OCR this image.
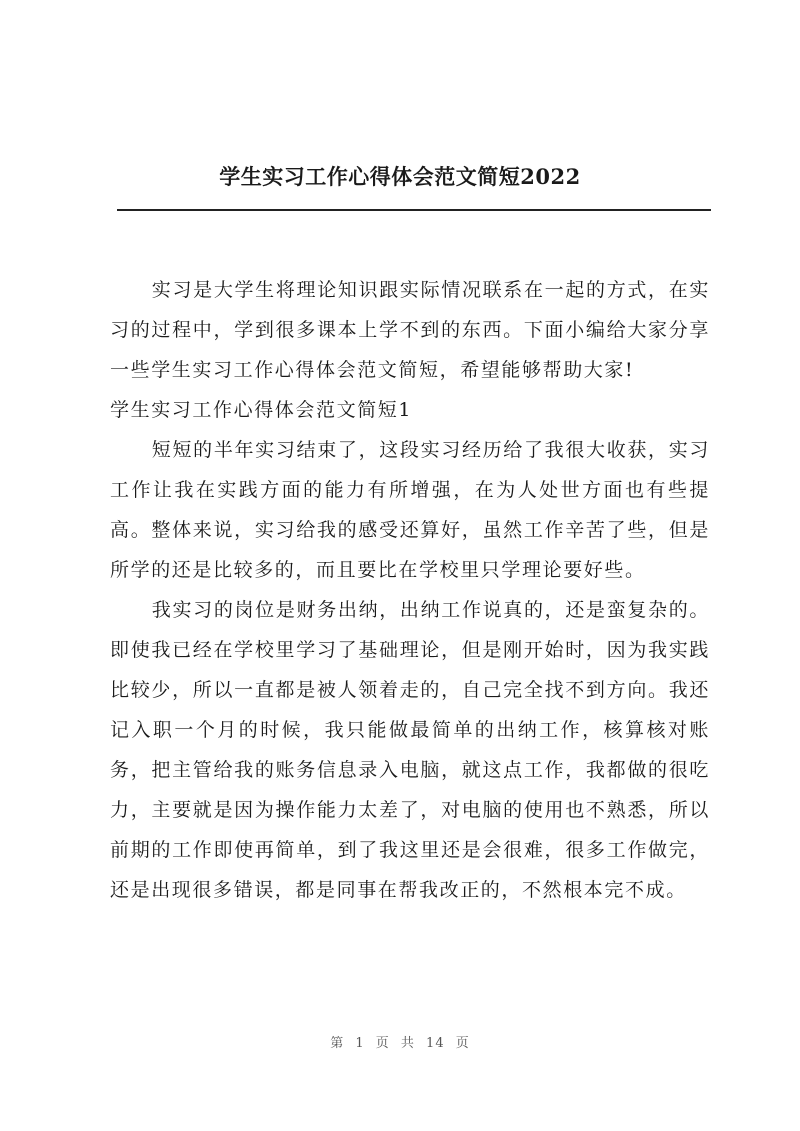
学生实习工作心得体会范文简短2022

实习是大学生将理论知识跟实际情况联系在一起的方式，在实习的过程中，学到很多课本上学不到的东西。下面小编给大家分享一些学生实习工作心得体会范文简短，希望能够帮助大家!

学生实习工作心得体会范文简短1

短短的半年实习结束了，这段实习经历给了我很大收获，实习工作让我在实践方面的能力有所增强，在为人处世方面也有些提高。整体来说，实习给我的感受还算好，虽然工作辛苦了些，但是所学的还是比较多的，而且要比在学校里只学理论要好些。

我实习的岗位是财务出纳，出纳工作说真的，还是蛮复杂的。即使我已经在学校里学习了基础理论，但是刚开始时，因为我实践比较少，所以一直都是被人领着走的，自己完全找不到方向。我还记入职一个月的时候，我只能做最简单的出纳工作，核算核对账务，把主管给我的账务信息录入电脑，就这点工作，我都做的很吃力，主要就是因为操作能力太差了，对电脑的使用也不熟悉，所以前期的工作即使再简单，到了我这里还是会很难，很多工作做完，还是出现很多错误，都是同事在帮我改正的，不然根本完不成。

第 1 页 共 14 页
